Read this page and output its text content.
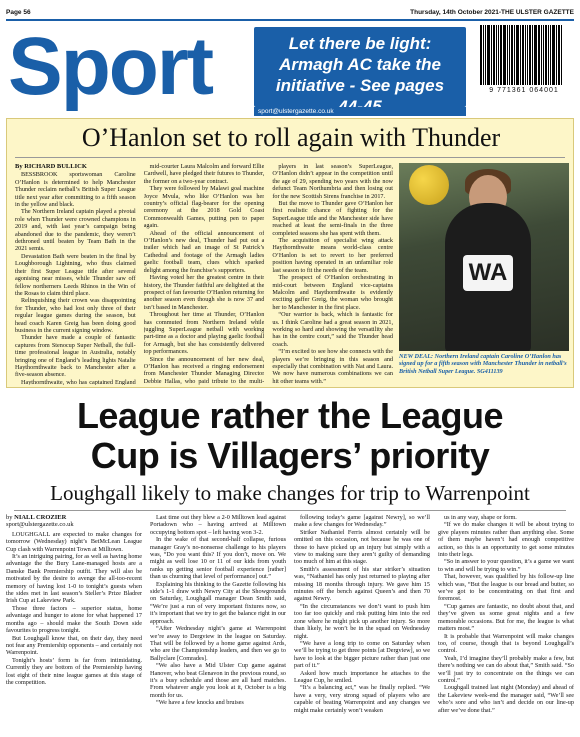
Page 56	Thursday, 14th October 2021-THE ULSTER GAZETTE
Sport	Let there be light: Armagh AC take the initiative - See pages
sport@ulstergazette.co.uk
9 771361 064001
O’Hanlon set to roll again with Thunder
By RICHARD BULLICK

BESSBROOK sportswoman Caroline O’Hanlon is determined to help Manchester Thunder reclaim netball’s British Super League title next year after committing to a fifth season in the yellow and black.

The Northern Ireland captain played a pivotal role when Thunder were crowned champions in 2019 and, with last year’s campaign being abandoned due to the pandemic, they weren’t dethroned until beaten by Team Bath in the 2021 semis.

Devastation Bath were beaten in the final by Loughborough Lightning, who thus claimed their first Super League title after several agonising near misses, while Thunder saw off fellow northerners Leeds Rhinos in the Win of the Rosas to claim third place.

Relinquishing their crown was disappointing for Thunder, who had lost only three of their regular league games during the season, but head coach Karen Greig has been doing good business in the current signing window.

Thunder have made a couple of fantastic captures from Stenocup Super Netball, the full-time professional league in Australia, notably bringing one of England’s leading lights Natalie Haythornthwaite back to Manchester after a five-season absence.

Haythornthwaite, who has captained England

mid-courter Laura Malcolm and forward Ellie Cardwell, have pledged their futures to Thunder, the former on a two-year contract.

They were followed by Malawi goal machine Joyce Mvula, who like O’Hanlon was her country’s official flag-bearer for the opening ceremony at the 2018 Gold Coast Commonwealth Games, putting pen to paper again.

Ahead of the official announcement of O’Hanlon’s new deal, Thunder had put out a trailer which had an image of St Patrick’s Cathedral and footage of the Armagh ladies gaelic football team, clues which sparked delight among the franchise’s supporters.

Having voted her the greatest centre in their history, the Thunder faithful are delighted at the prospect of fan favourite O’Hanlon returning for another season even though she is now 37 and isn’t based in Manchester.

Throughout her time at Thunder, O’Hanlon has commuted from Northern Ireland while juggling SuperLeague netball with working part-time as a doctor and playing gaelic football for Armagh, but she has consistently delivered top performances.

Since the announcement of her new deal, O’Hanlon has received a ringing endorsement from Manchester Thunder Managing Director Debbie Hallas, who paid tribute to the multi-

players in last season’s SuperLeague, O’Hanlon didn’t appear in the competition until the age of 29, spending two years with the now defunct Team Northumbria and then losing out for the new Scottish Sirens franchise in 2017.

But the move to Thunder gave O’Hanlon her first realistic chance of fighting for the SuperLeague title and the Manchester side have reached at least the semi-finals in the three completed seasons she has spent with them.

The acquisition of specialist wing attack Haythornthwaite means world-class centre O’Hanlon is set to revert to her preferred position having operated in an unfamiliar role last season to fit the needs of the team.

The prospect of O’Hanlon orchestrating in mid-court between England vice-captains Malcolm and Haythornthwaite is evidently exciting gaffer Greig, the woman who brought her to Manchester in the first place.

“Our warrior is back, which is fantastic for us. I think Caroline had a great season in 2021, working so hard and showing the versatility she has in the centre court,” said the Thunder head coach.

“I’m excited to see how she connects with the players we’re bringing in this season and especially that combination with Nat and Laura. We now have numerous combinations we can hit other teams with.”

WA
NEW DEAL: Northern Ireland captain Caroline O’Hanlon has signed up for a fifth season with Manchester Thunder in netball’s British Netball Super League. SG411139
League rather the League
Cup is Villagers’ priority
Loughgall likely to make changes for trip to Warrenpoint
by NIALL CROZIER
sport@ulstergazette.co.uk

LOUGHGALL are expected to make changes for tomorrow (Wednesday) night’s BetMcLean League Cup clash with Warrenpoint Town at Milltown.

It’s an intriguing pairing, for as well as having home advantage the the Bury Lane-managed hosts are a Danske Bank Premiership outfit. They will also be motivated by the desire to avenge the all-too-recent memory of having lost 1-0 to tonight’s guests when the sides met in last season’s Steller’s Prize Bladrer Irish Cup at Lakeview Park.

Those three factors – superior status, home advantage and hunger to atone for what happened 17 months ago – should make the South Down side favourites to progress tonight.

But Loughgall know that, on their day, they need not fear any Premiership opponents – and certainly not Warrenpoint.

Tonight’s hosts’ form is far from intimidating. Currently they are bottom of the Premiership having lost eight of their nine league games at this stage of the competition.

Last time out they blew a 2-0 Milltown lead against Portadown who – having arrived at Milltown occupying bottom spot – left having won 3-2.

In the wake of that second-half collapse, furious manager Gray’s no-nonsense challenge to his players was, “Do you want this? If you don’t, move on. We might as well lose 10 or 11 of our kids from youth ranks up getting senior football experience [rather] than us churning that level of performance] out.”

Explaining his thinking to the Gazette following his side’s 1-1 draw with Newry City at the Showgrounds on Saturday, Loughgall manager Dean Smith said, “We’re just a run of very important fixtures now, so it’s important that we try to get the balance right in our approach.

“After Wednesday night’s game at Warrenpoint we’re away to Dergview in the league on Saturday. That will be followed by a home game against Ards, who are the Championship leaders, and then we go to Ballyclare [Comrades].

“We also have a Mid Ulster Cup game against Hanover, who beat Glenavon in the previous round, so it’s a busy schedule and those are all hard matches. From whatever angle you look at it, October is a big month for us.

“We have a few knocks and bruises

following today’s game [against Newry], so we’ll make a few changes for Wednesday.”

Striker Nathaniel Ferris almost certainly will be omitted on this occasion, not because he was one of those to have picked up an injury but simply with a view to making sure they aren’t guilty of demanding too much of him at this stage.

Smith’s assessment of his star striker’s situation was, “Nathaniel has only just returned to playing after missing 18 months through injury. We gave him 15 minutes off the bench against Queen’s and then 70 against Newry.

“In the circumstances we don’t want to push him too far too quickly and risk putting him into the red zone where he might pick up another injury. So more than likely, he won’t be in the squad on Wednesday night.

“We have a long trip to come on Saturday when we’ll be trying to get three points [at Dergview], so we have to look at the bigger picture rather than just one part of it.”

Asked how much importance he attaches to the League Cup, he smiled.

“It’s a balancing act,” was he finally replied. “We have a very, very strong squad of players who are capable of beating Warrenpoint and any changes we might make certainly won’t weaken

us in any way, shape or form.

“If we do make changes it will be about trying to give players minutes rather than anything else. Some of them maybe haven’t had enough competitive action, so this is an opportunity to get some minutes into their legs.

“So in answer to your question, it’s a game we want to win and will be trying to win.”

That, however, was qualified by his follow-up line which was, “But the league is our bread and butter, so we’ve got to be concentrating on that first and foremost.

“Cup games are fantastic, no doubt about that, and they’ve given us some great nights and a few memorable occasions. But for me, the league is what matters most.”

It is probable that Warrenpoint will make changes too, of course, though that is beyond Loughgall’s control.

Yeah, I’d imagine they’ll probably make a few, but there’s nothing we can do about that,” Smith said. “So we’ll just try to concentrate on the things we can control.”

Loughgall trained last night (Monday) and ahead of the Lakeview week-end the manager said, “We’ll see who’s sore and who isn’t and decide on our line-up after we’ve done that.”
